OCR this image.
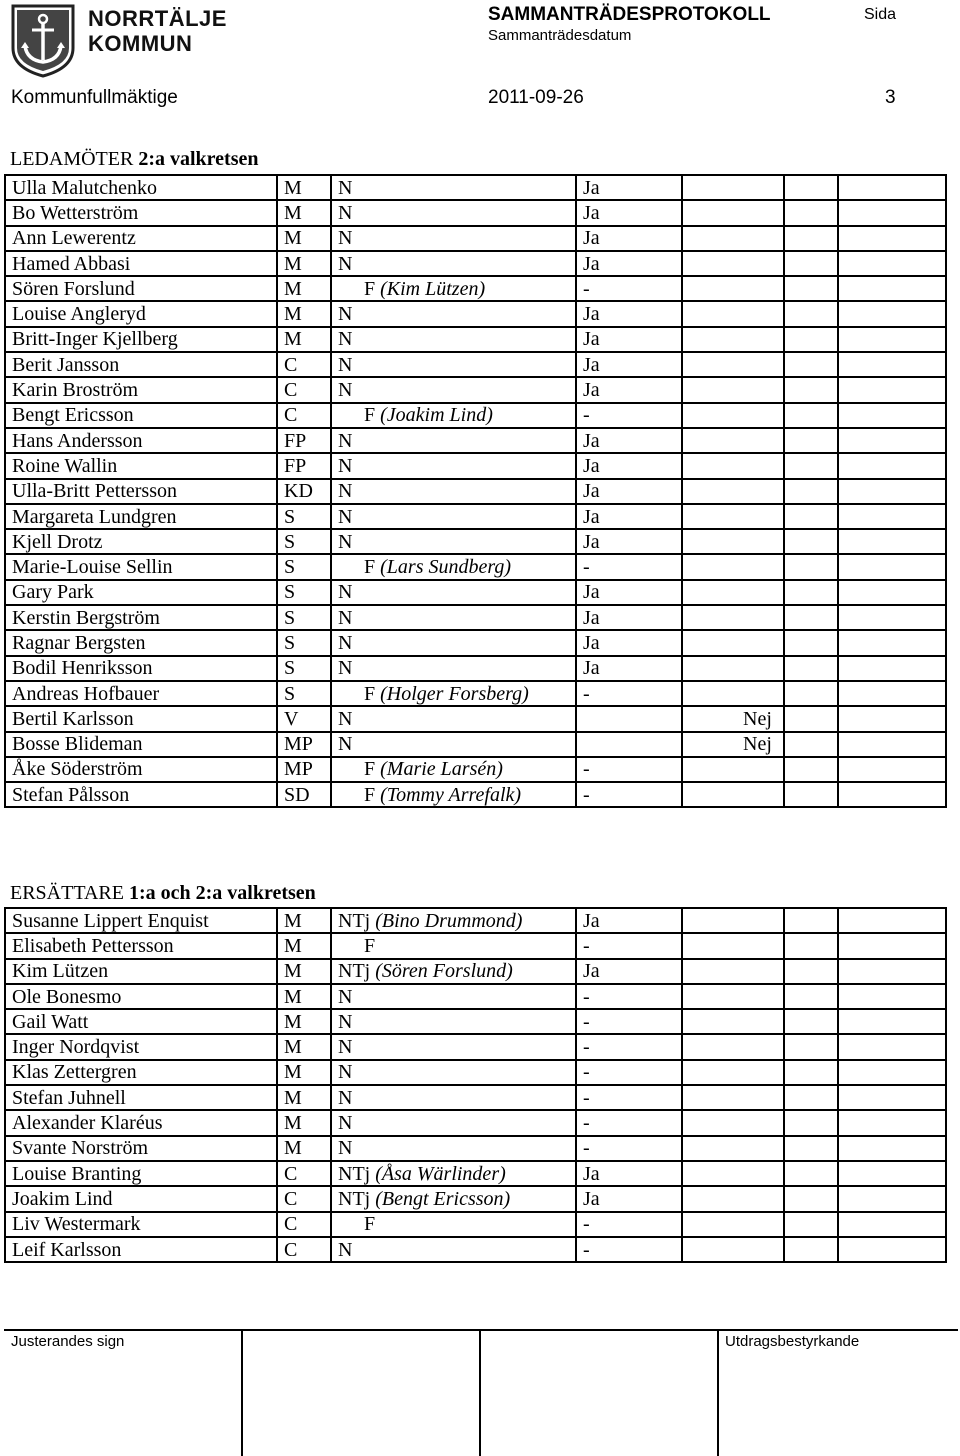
NORRTÄLJE
KOMMUN
SAMMANTRÄDESPROTOKOLL	Sida
Sammanträdesdatum
Kommunfullmäktige	2011-09-26	3
LEDAMÖTER 2:a valkretsen
Ulla Malutchenko	M	N	Ja			
Bo Wetterström	M	N	Ja			
Ann Lewerentz	M	N	Ja			
Hamed Abbasi	M	N	Ja			
Sören Forslund	M	F (Kim Lützen)	-			
Louise Angleryd	M	N	Ja			
Britt-Inger Kjellberg	M	N	Ja			
Berit Jansson	C	N	Ja			
Karin Broström	C	N	Ja			
Bengt Ericsson	C	F (Joakim Lind)	-			
Hans Andersson	FP	N	Ja			
Roine Wallin	FP	N	Ja			
Ulla-Britt Pettersson	KD	N	Ja			
Margareta Lundgren	S	N	Ja			
Kjell Drotz	S	N	Ja			
Marie-Louise Sellin	S	F (Lars Sundberg)	-			
Gary Park	S	N	Ja			
Kerstin Bergström	S	N	Ja			
Ragnar Bergsten	S	N	Ja			
Bodil Henriksson	S	N	Ja			
Andreas Hofbauer	S	F (Holger Forsberg)	-			
Bertil Karlsson	V	N		Nej		
Bosse Blideman	MP	N		Nej		
Åke Söderström	MP	F (Marie Larsén)	-			
Stefan Pålsson	SD	F (Tommy Arrefalk)	-			
ERSÄTTARE 1:a och 2:a valkretsen
Susanne Lippert Enquist	M	NTj (Bino Drummond)	Ja			
Elisabeth Pettersson	M	F	-			
Kim Lützen	M	NTj (Sören Forslund)	Ja			
Ole Bonesmo	M	N	-			
Gail Watt	M	N	-			
Inger Nordqvist	M	N	-			
Klas Zettergren	M	N	-			
Stefan Juhnell	M	N	-			
Alexander Klaréus	M	N	-			
Svante Norström	M	N	-			
Louise Branting	C	NTj (Åsa Wärlinder)	Ja			
Joakim Lind	C	NTj (Bengt Ericsson)	Ja			
Liv Westermark	C	F	-			
Leif Karlsson	C	N	-			
Justerandes sign	Utdragsbestyrkande
